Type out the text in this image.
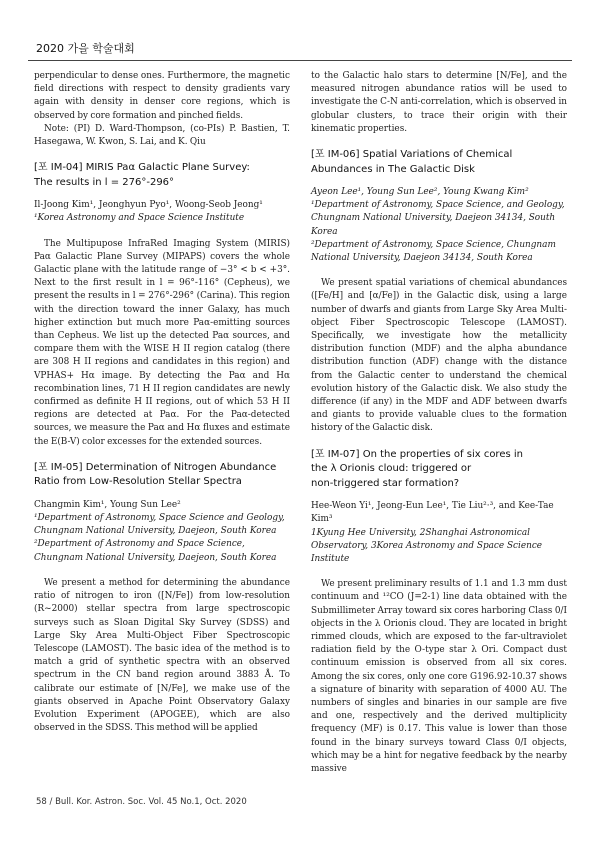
2020 가을 학술대회

perpendicular to dense ones. Furthermore, the magnetic field directions with respect to density gradients vary again with density in denser core regions, which is observed by core formation and pinched fields.

Note: (PI) D. Ward-Thompson, (co-PIs) P. Bastien, T. Hasegawa, W. Kwon, S. Lai, and K. Qiu

[포 IM-04] MIRIS Paα Galactic Plane Survey:
The results in l = 276°-296°

Il-Joong Kim¹, Jeonghyun Pyo¹, Woong-Seob Jeong¹

¹Korea Astronomy and Space Science Institute

The Multipupose InfraRed Imaging System (MIRIS) Paα Galactic Plane Survey (MIPAPS) covers the whole Galactic plane with the latitude range of −3° < b < +3°. Next to the first result in l = 96°-116° (Cepheus), we present the results in l = 276°-296° (Carina). This region with the direction toward the inner Galaxy, has much higher extinction but much more Paα-emitting sources than Cepheus. We list up the detected Paα sources, and compare them with the WISE H II region catalog (there are 308 H II regions and candidates in this region) and VPHAS+ Hα image. By detecting the Paα and Hα recombination lines, 71 H II region candidates are newly confirmed as definite H II regions, out of which 53 H II regions are detected at Paα. For the Paα-detected sources, we measure the Paα and Hα fluxes and estimate the E(B-V) color excesses for the extended sources.

[포 IM-05] Determination of Nitrogen Abundance Ratio from Low-Resolution Stellar Spectra

Changmin Kim¹, Young Sun Lee²

¹Department of Astronomy, Space Science and Geology, Chungnam National University, Daejeon, South Korea

²Department of Astronomy and Space Science, Chungnam National University, Daejeon, South Korea

We present a method for determining the abundance ratio of nitrogen to iron ([N/Fe]) from low-resolution (R~2000) stellar spectra from large spectroscopic surveys such as Sloan Digital Sky Survey (SDSS) and Large Sky Area Multi-Object Fiber Spectroscopic Telescope (LAMOST). The basic idea of the method is to match a grid of synthetic spectra with an observed spectrum in the CN band region around 3883 Å. To calibrate our estimate of [N/Fe], we make use of the giants observed in Apache Point Observatory Galaxy Evolution Experiment (APOGEE), which are also observed in the SDSS. This method will be applied

to the Galactic halo stars to determine [N/Fe], and the measured nitrogen abundance ratios will be used to investigate the C-N anti-correlation, which is observed in globular clusters, to trace their origin with their kinematic properties.

[포 IM-06] Spatial Variations of Chemical Abundances in The Galactic Disk

Ayeon Lee¹, Young Sun Lee², Young Kwang Kim²

¹Department of Astronomy, Space Science, and Geology, Chungnam National University, Daejeon 34134, South Korea

²Department of Astronomy, Space Science, Chungnam National University, Daejeon 34134, South Korea

We present spatial variations of chemical abundances ([Fe/H] and [α/Fe]) in the Galactic disk, using a large number of dwarfs and giants from Large Sky Area Multi-object Fiber Spectroscopic Telescope (LAMOST). Specifically, we investigate how the metallicity distribution function (MDF) and the alpha abundance distribution function (ADF) change with the distance from the Galactic center to understand the chemical evolution history of the Galactic disk. We also study the difference (if any) in the MDF and ADF between dwarfs and giants to provide valuable clues to the formation history of the Galactic disk.

[포 IM-07] On the properties of six cores in
the λ Orionis cloud: triggered or
non-triggered star formation?

Hee-Weon Yi¹, Jeong-Eun Lee¹, Tie Liu²·³, and Kee-Tae Kim³

1Kyung Hee University, 2Shanghai Astronomical Observatory, 3Korea Astronomy and Space Science Institute

We present preliminary results of 1.1 and 1.3 mm dust continuum and ¹²CO (J=2-1) line data obtained with the Submillimeter Array toward six cores harboring Class 0/I objects in the λ Orionis cloud. They are located in bright rimmed clouds, which are exposed to the far-ultraviolet radiation field by the O-type star λ Ori. Compact dust continuum emission is observed from all six cores. Among the six cores, only one core G196.92-10.37 shows a signature of binarity with separation of 4000 AU. The numbers of singles and binaries in our sample are five and one, respectively and the derived multiplicity frequency (MF) is 0.17. This value is lower than those found in the binary surveys toward Class 0/I objects, which may be a hint for negative feedback by the nearby massive

58 / Bull. Kor. Astron. Soc. Vol. 45 No.1, Oct. 2020
